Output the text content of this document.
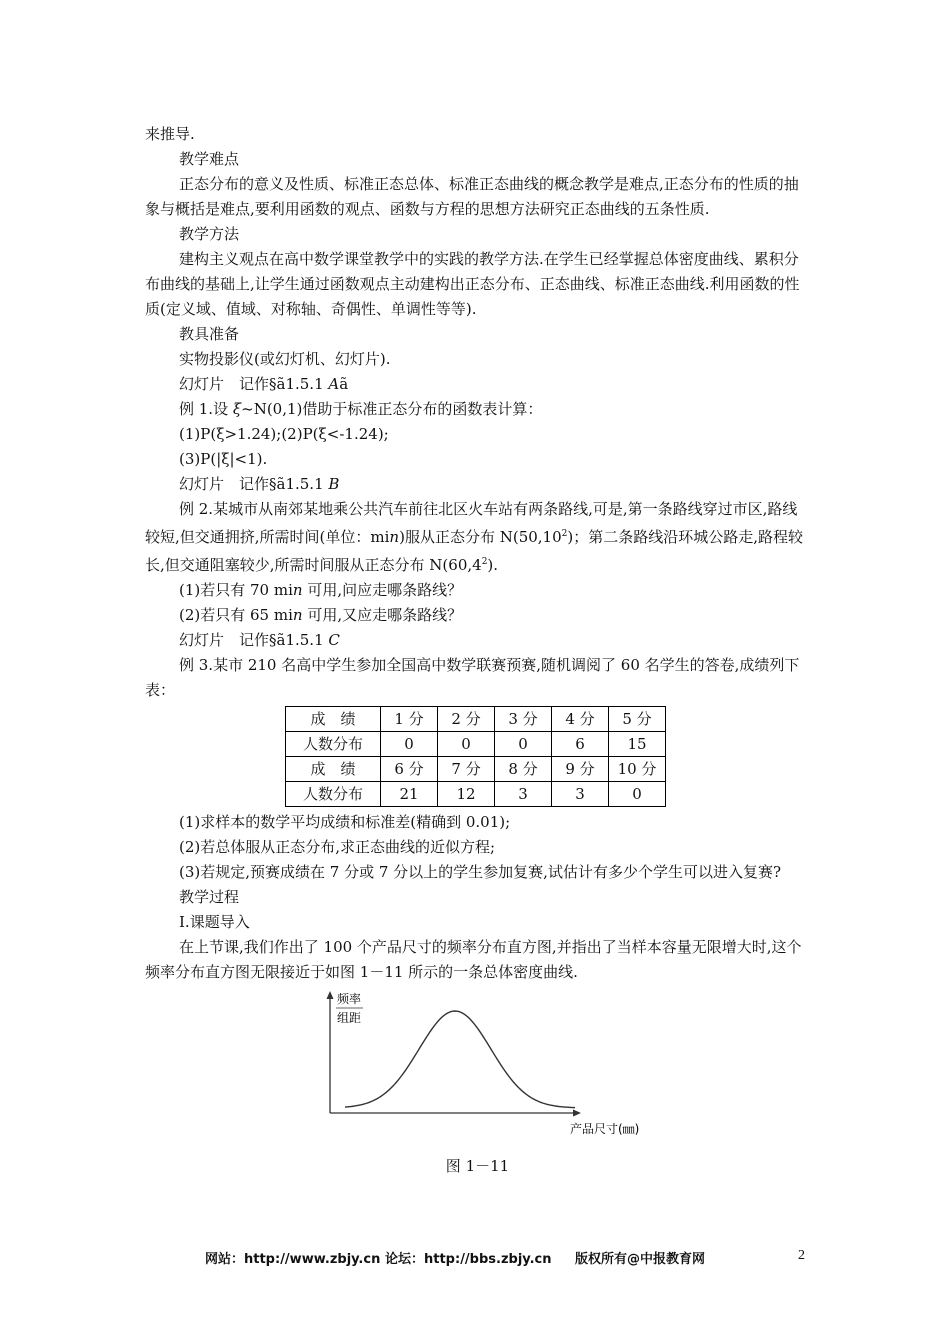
来推导.

教学难点

正态分布的意义及性质、标准正态总体、标准正态曲线的概念教学是难点,正态分布的性质的抽象与概括是难点,要利用函数的观点、函数与方程的思想方法研究正态曲线的五条性质.

教学方法

建构主义观点在高中数学课堂教学中的实践的教学方法.在学生已经掌握总体密度曲线、累积分布曲线的基础上,让学生通过函数观点主动建构出正态分布、正态曲线、标准正态曲线.利用函数的性质(定义域、值域、对称轴、奇偶性、单调性等等).

教具准备

实物投影仪(或幻灯机、幻灯片).

幻灯片　记作§ã1.5.1 Aã

例 1.设 ξ~N(0,1)借助于标准正态分布的函数表计算：

(1)P(ξ>1.24);(2)P(ξ<-1.24);

(3)P(|ξ|<1).

幻灯片　记作§ã1.5.1 B

例 2.某城市从南郊某地乘公共汽车前往北区火车站有两条路线,可是,第一条路线穿过市区,路线较短,但交通拥挤,所需时间(单位：min)服从正态分布 N(50,10$^2$)；第二条路线沿环城公路走,路程较长,但交通阻塞较少,所需时间服从正态分布 N(60,4$^2$).

(1)若只有 70 min 可用,问应走哪条路线？

(2)若只有 65 min 可用,又应走哪条路线？

幻灯片　记作§ã1.5.1 C

例 3.某市 210 名高中学生参加全国高中数学联赛预赛,随机调阅了 60 名学生的答卷,成绩列下表：

成　绩	1 分	2 分	3 分	4 分	5 分
人数分布	0	0	0	6	15
成　绩	6 分	7 分	8 分	9 分	10 分
人数分布	21	12	3	3	0

(1)求样本的数学平均成绩和标准差(精确到 0.01);

(2)若总体服从正态分布,求正态曲线的近似方程;

(3)若规定,预赛成绩在 7 分或 7 分以上的学生参加复赛,试估计有多少个学生可以进入复赛?

教学过程

I.课题导入

在上节课,我们作出了 100 个产品尺寸的频率分布直方图,并指出了当样本容量无限增大时,这个频率分布直方图无限接近于如图 1－11 所示的一条总体密度曲线.

频率
组距
产品尺寸(㎜)
图 1－11
网站：http://www.zbjy.cn 论坛：http://bbs.zbjy.cn 版权所有@中报教育网	2
